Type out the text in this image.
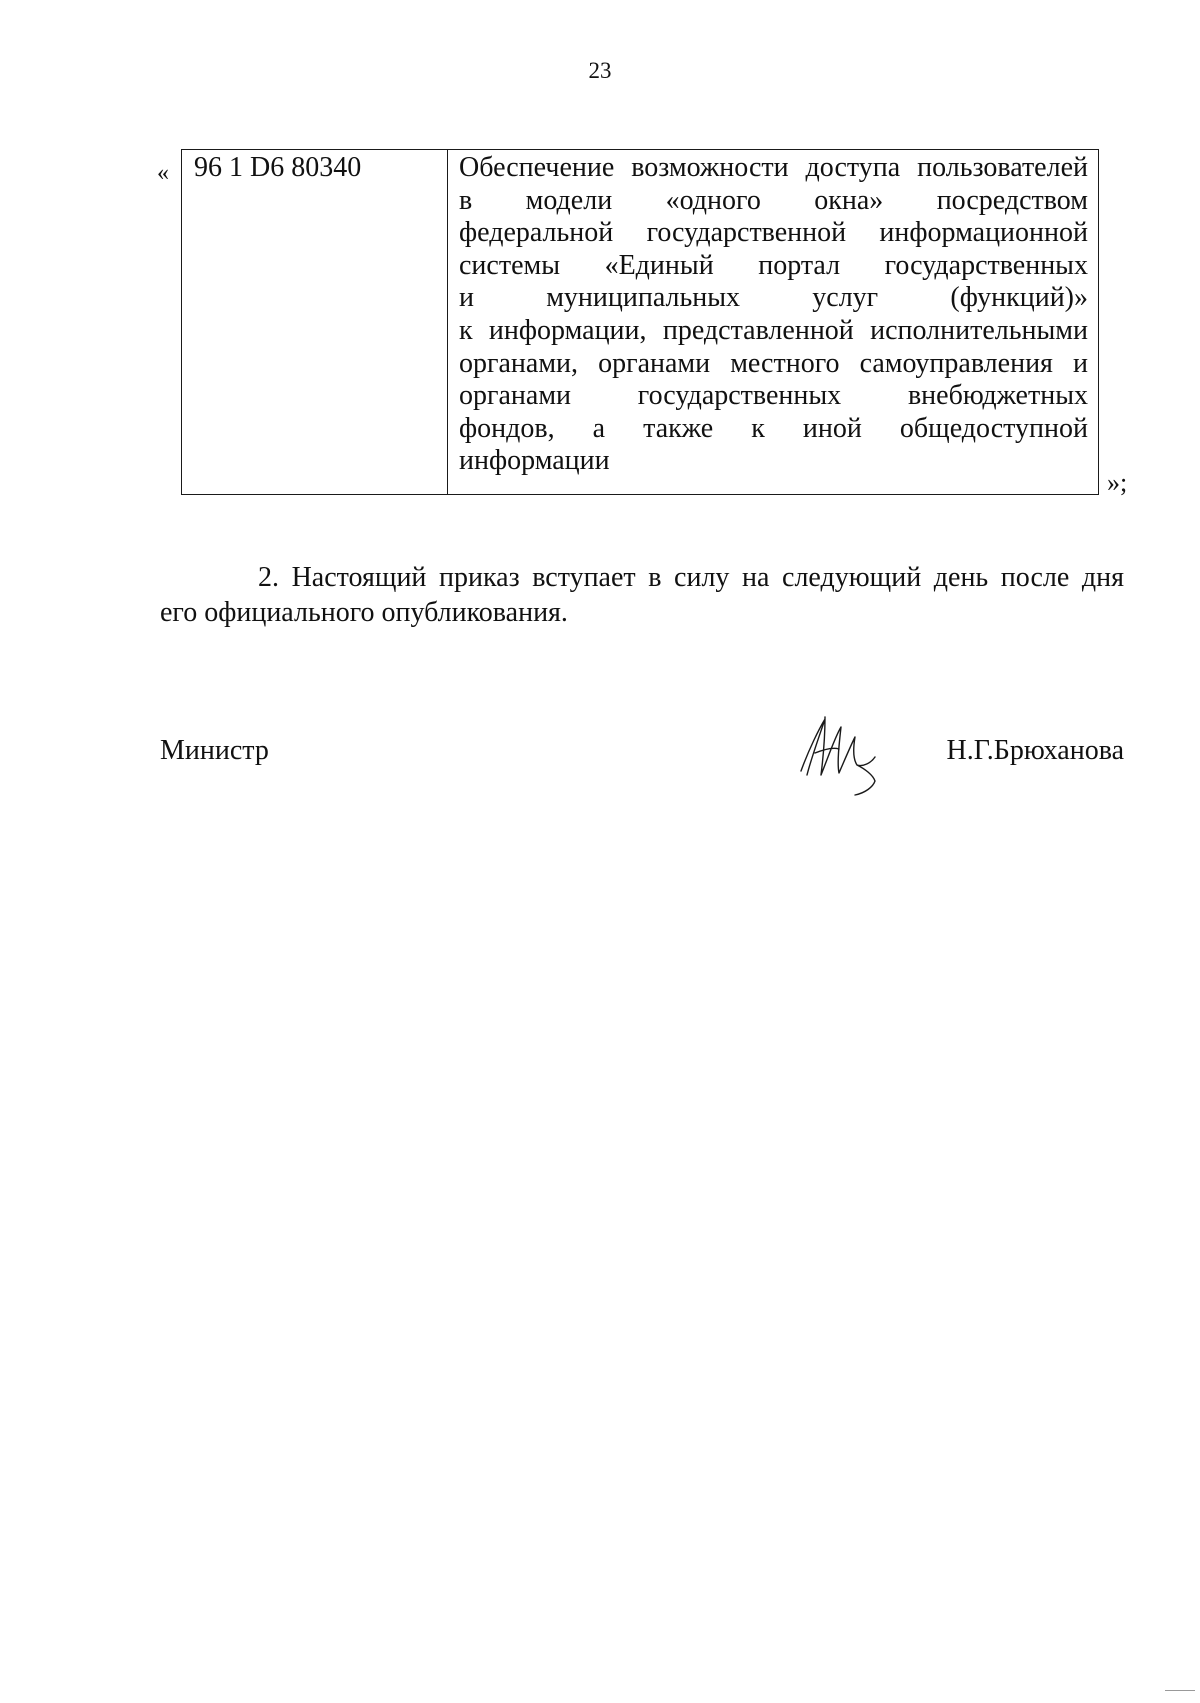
23
« 96 1 D6 80340	Обеспечение возможности доступа пользователей
в модели «одного окна» посредством
федеральной государственной информационной
системы «Единый портал государственных
и муниципальных услуг (функций)»
к информации, представленной исполнительными
органами, органами местного самоуправления и
органами государственных внебюджетных
фондов, а также к иной общедоступной
информации
»;
2. Настоящий приказ вступает в силу на следующий день после дня
его официального опубликования.
Министр	Н.Г.Брюханова
